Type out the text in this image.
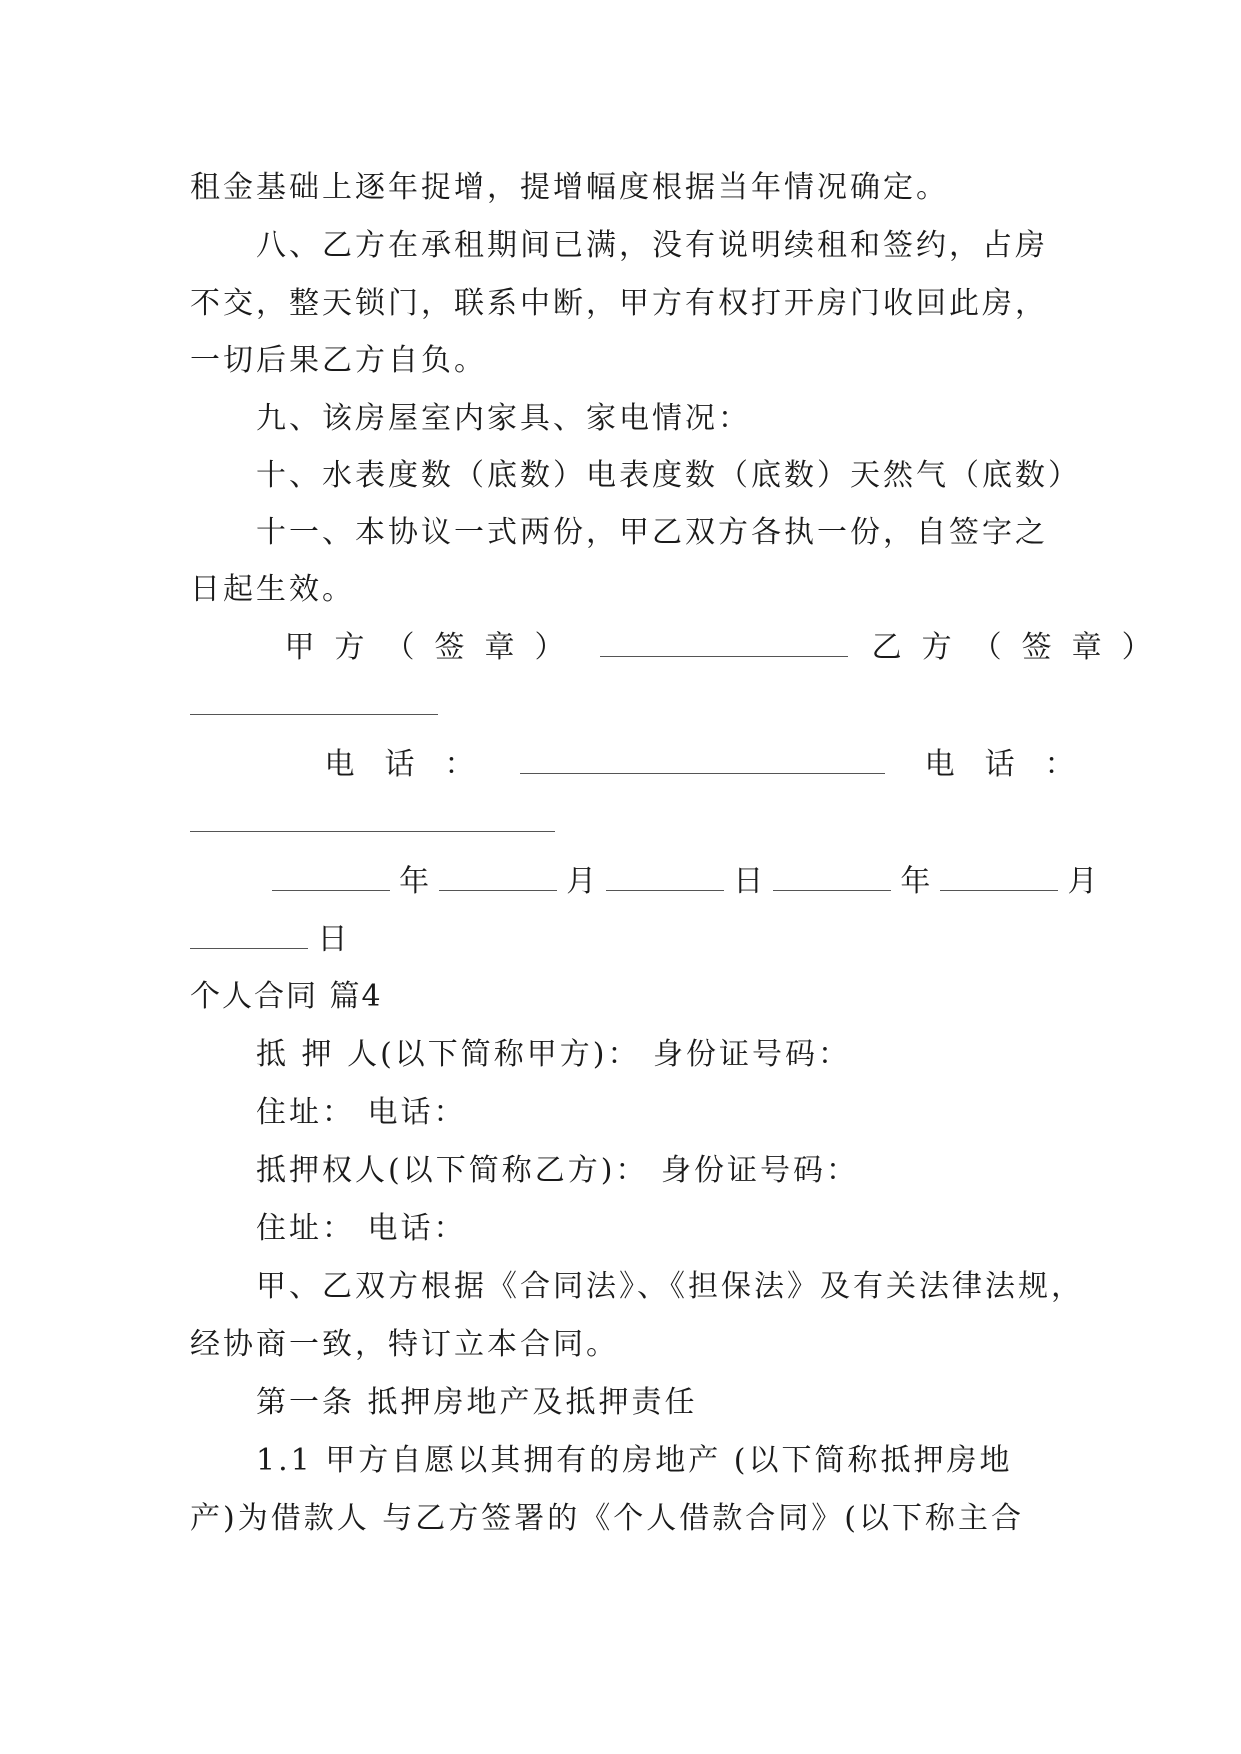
租金基础上逐年捉增，提增幅度根据当年情况确定。
八、乙方在承租期间已满，没有说明续租和签约，占房
不交，整天锁门，联系中断，甲方有权打开房门收回此房，
一切后果乙方自负。
九、该房屋室内家具、家电情况：
十、水表度数（底数）电表度数（底数）天然气（底数）
十一、本协议一式两份，甲乙双方各执一份，自签字之
日起生效。
甲方（签章）	乙方（签章）
电话：	电话：
年	月	日	年	月
日
个人合同 篇4
抵 押 人(以下简称甲方)： 身份证号码：
住址： 电话：
抵押权人(以下简称乙方)： 身份证号码：
住址： 电话：
甲、乙双方根据《合同法》、《担保法》及有关法律法规，
经协商一致，特订立本合同。
第一条 抵押房地产及抵押责任
1.1 甲方自愿以其拥有的房地产 (以下简称抵押房地
产)为借款人 与乙方签署的《个人借款合同》(以下称主合
